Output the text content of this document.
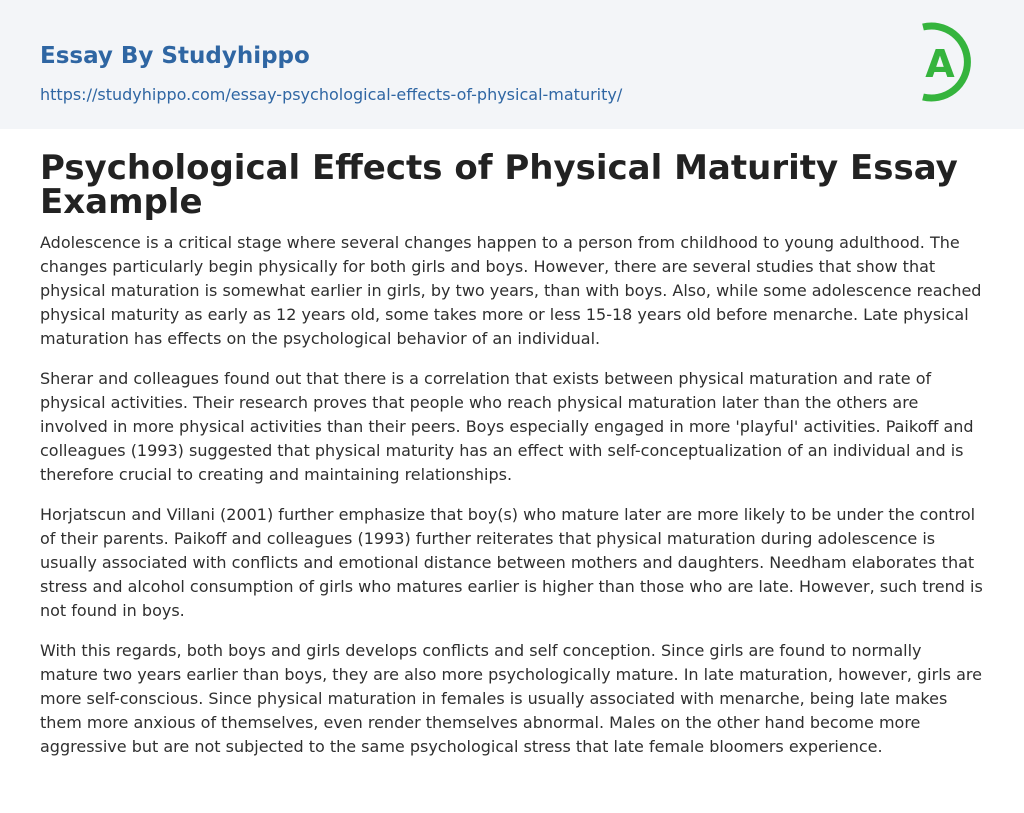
Essay By Studyhippo
https://studyhippo.com/essay-psychological-effects-of-physical-maturity/
A
Psychological Effects of Physical Maturity Essay Example

Adolescence is a critical stage where several changes happen to a person from childhood to young adulthood. The changes particularly begin physically for both girls and boys. However, there are several studies that show that physical maturation is somewhat earlier in girls, by two years, than with boys. Also, while some adolescence reached physical maturity as early as 12 years old, some takes more or less 15-18 years old before menarche. Late physical maturation has effects on the psychological behavior of an individual.

Sherar and colleagues found out that there is a correlation that exists between physical maturation and rate of physical activities. Their research proves that people who reach physical maturation later than the others are involved in more physical activities than their peers. Boys especially engaged in more 'playful' activities. Paikoff and colleagues (1993) suggested that physical maturity has an effect with self-conceptualization of an individual and is therefore crucial to creating and maintaining relationships.

Horjatscun and Villani (2001) further emphasize that boy(s) who mature later are more likely to be under the control of their parents. Paikoff and colleagues (1993) further reiterates that physical maturation during adolescence is usually associated with conflicts and emotional distance between mothers and daughters. Needham elaborates that stress and alcohol consumption of girls who matures earlier is higher than those who are late. However, such trend is not found in boys.

With this regards, both boys and girls develops conflicts and self conception. Since girls are found to normally mature two years earlier than boys, they are also more psychologically mature. In late maturation, however, girls are more self-conscious. Since physical maturation in females is usually associated with menarche, being late makes them more anxious of themselves, even render themselves abnormal. Males on the other hand become more aggressive but are not subjected to the same psychological stress that late female bloomers experience.
